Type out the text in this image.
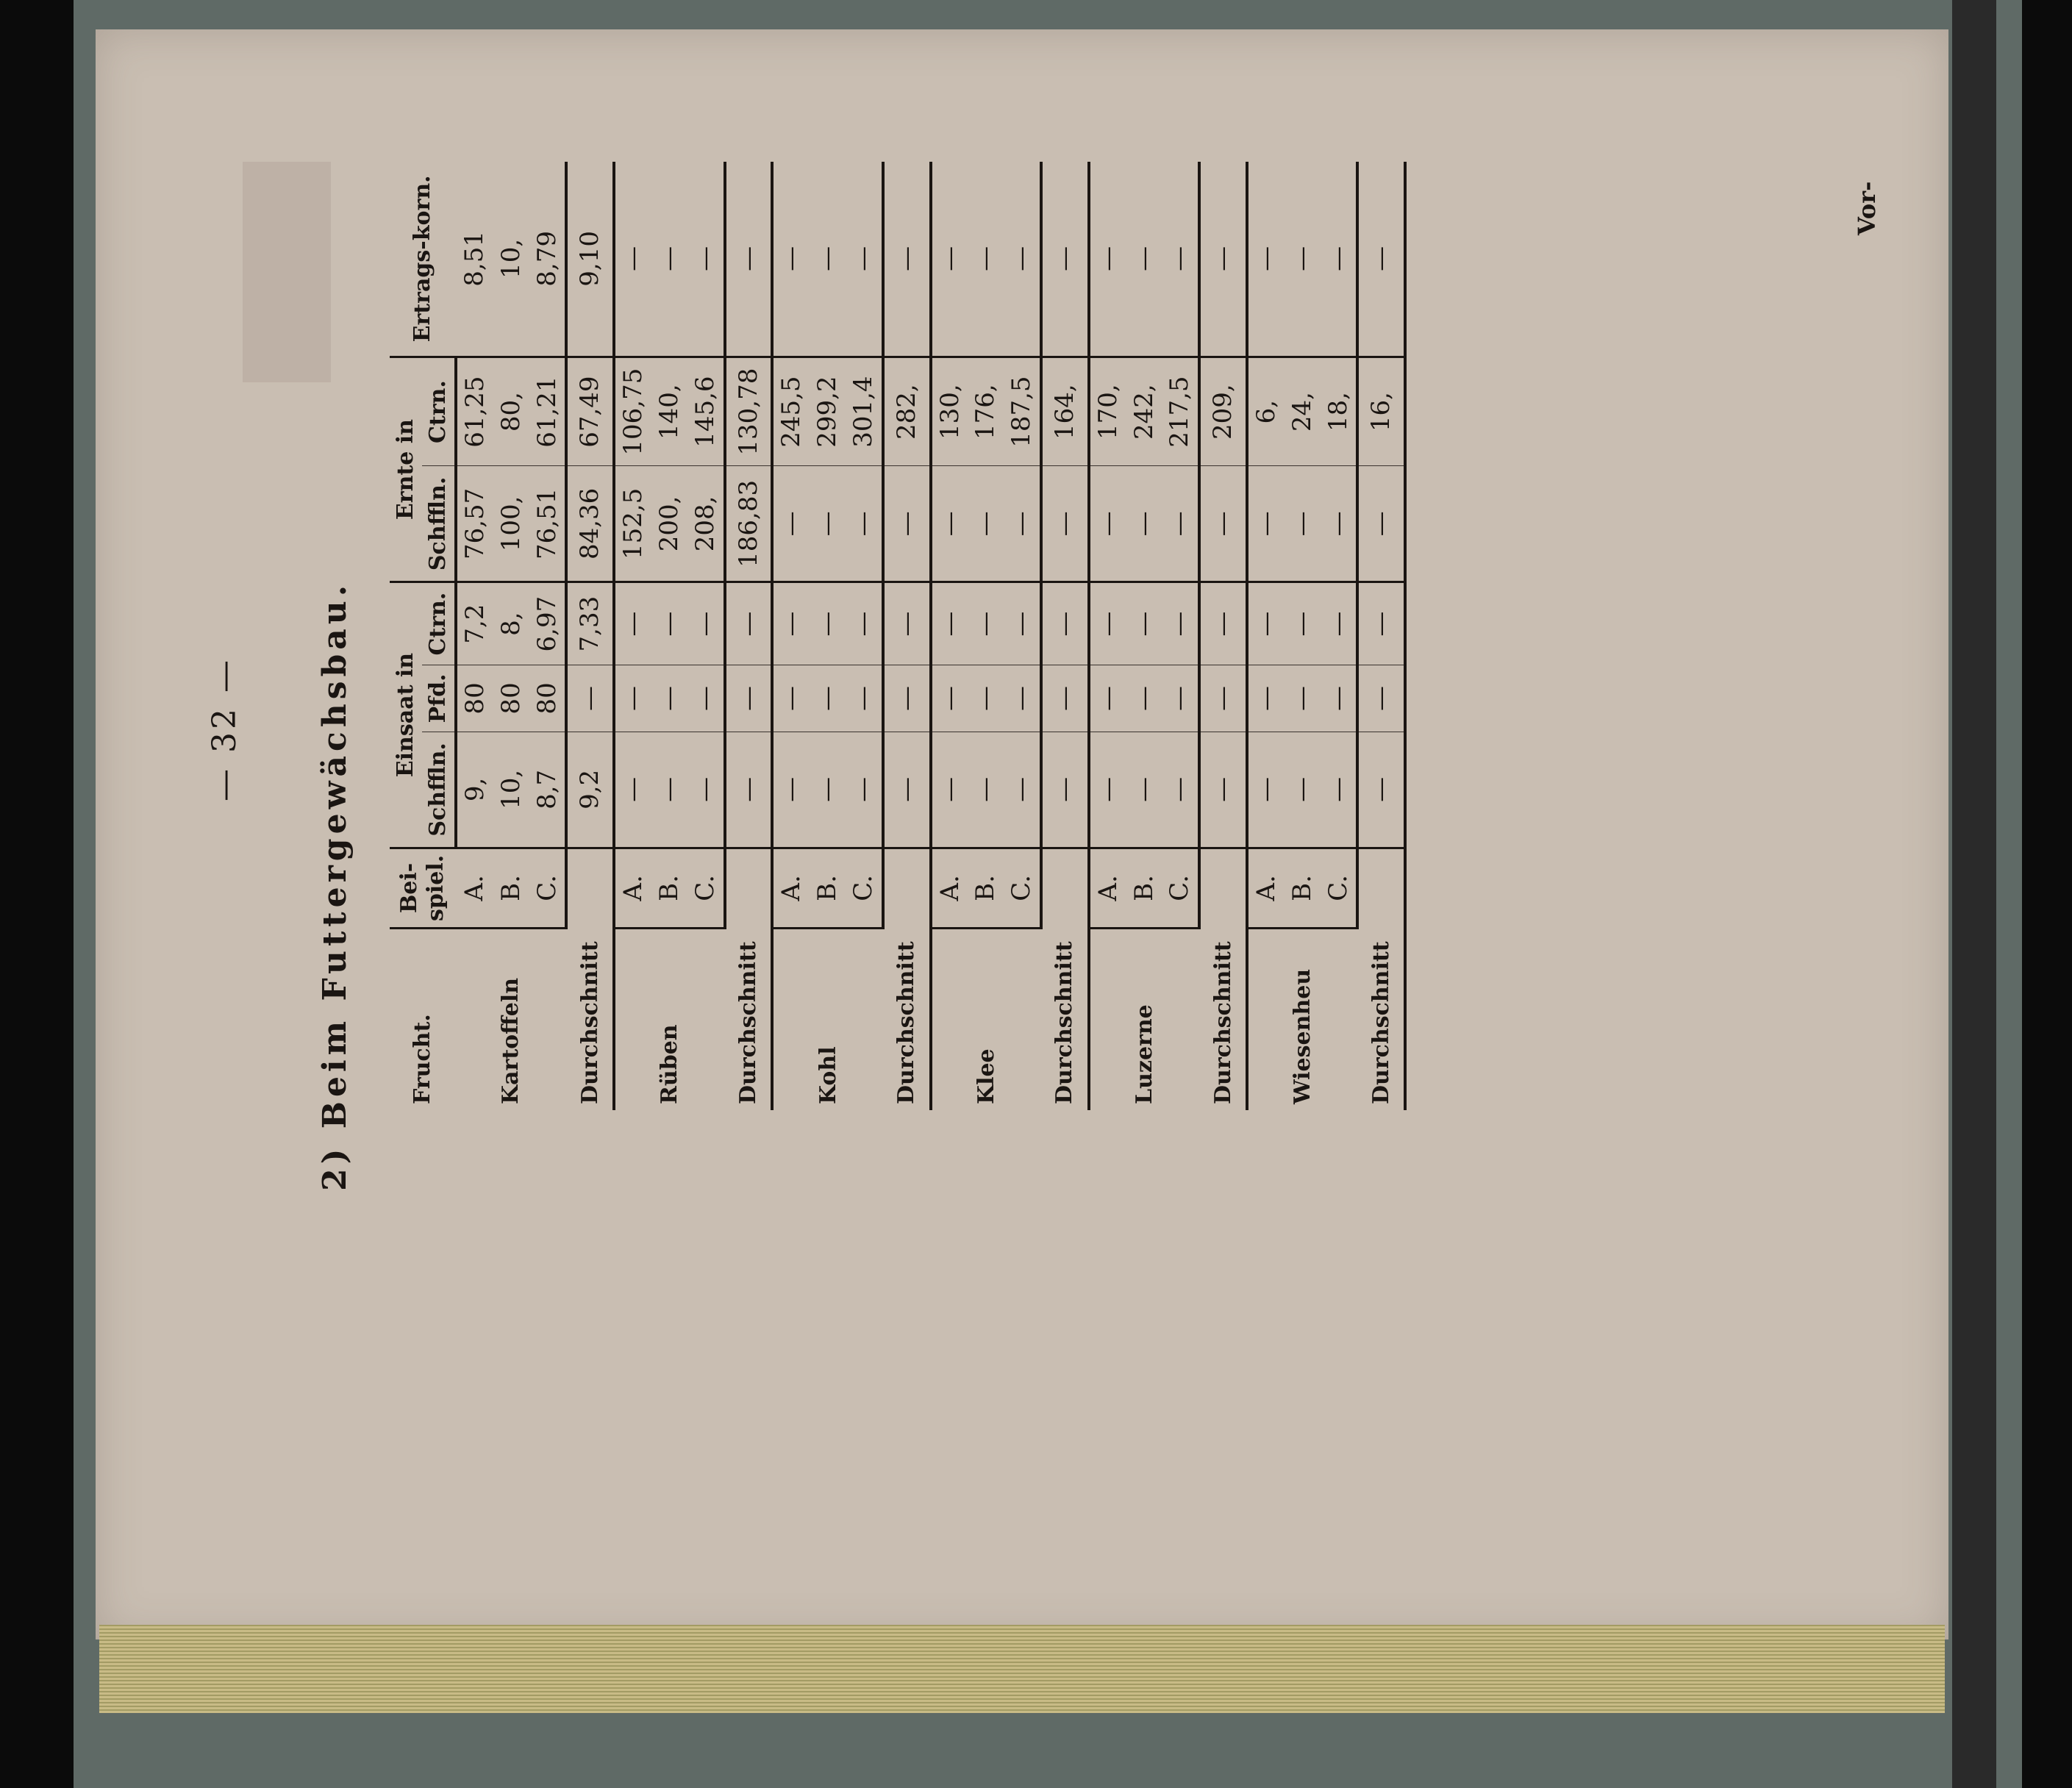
— 32 — 2) Beim Futtergewächsbau.	Frucht.	Bei-spiel.	Einsaat in			Ernte in		Ertrags-korn.
		Schffln.	Pfd.	Ctrn.	Schffln.	Ctrn.	
Kartoffeln	A.	9,	80	7,2	76,57	61,25	8,51
	B.	10,	80	8,	100,	80,	10,
	C.	8,7	80	6,97	76,51	61,21	8,79
Durchschnitt		9,2	—	7,33	84,36	67,49	9,10
Rüben	A.	—	—	—	152,5	106,75	—
	B.	—	—	—	200,	140,	—
	C.	—	—	—	208,	145,6	—
Durchschnitt		—	—	—	186,83	130,78	—
Kohl	A.	—	—	—	—	245,5	—
	B.	—	—	—	—	299,2	—
	C.	—	—	—	—	301,4	—
Durchschnitt		—	—	—	—	282,	—
Klee	A.	—	—	—	—	130,	—
	B.	—	—	—	—	176,	—
	C.	—	—	—	—	187,5	—
Durchschnitt		—	—	—	—	164,	—
Luzerne	A.	—	—	—	—	170,	—
	B.	—	—	—	—	242,	—
	C.	—	—	—	—	217,5	—
Durchschnitt		—	—	—	—	209,	—
Wiesenheu	A.	—	—	—	—	6,	—
	B.	—	—	—	—	24,	—
	C.	—	—	—	—	18,	—
Durchschnitt		—	—	—	—	16,	—
Vor-
